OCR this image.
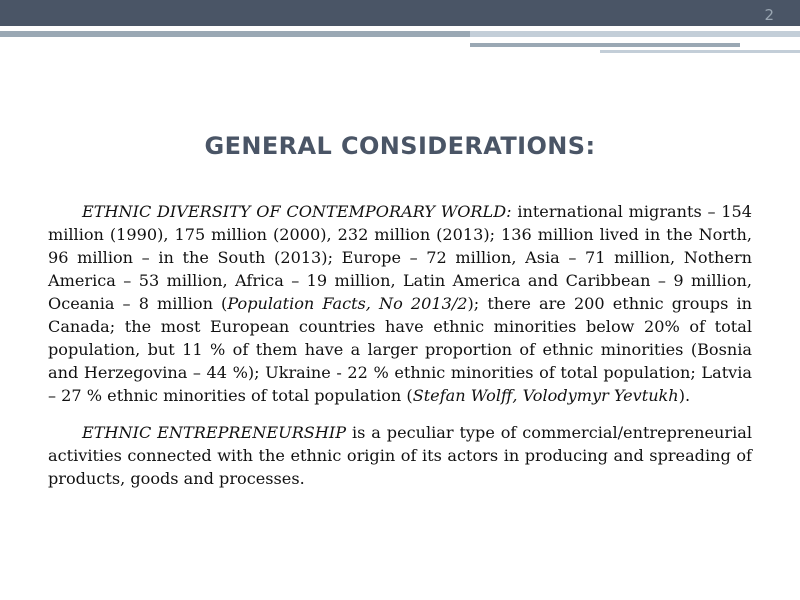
2
GENERAL CONSIDERATIONS:

ETHNIC DIVERSITY OF CONTEMPORARY WORLD: international migrants – 154 million (1990), 175 million (2000), 232 million (2013); 136 million lived in the North, 96 million – in the South (2013); Europe – 72 million, Asia – 71 million, Nothern America – 53 million, Africa – 19 million, Latin America and Caribbean – 9 million, Oceania – 8 million (Population Facts, No 2013/2); there are 200 ethnic groups in Canada; the most European countries have ethnic minorities below 20% of total population, but 11 % of them have a larger proportion of ethnic minorities (Bosnia and Herzegovina – 44 %); Ukraine - 22 % ethnic minorities of total population; Latvia – 27 % ethnic minorities of total population (Stefan Wolff, Volodymyr Yevtukh).

ETHNIC ENTREPRENEURSHIP is a peculiar type of commercial/entrepreneurial activities connected with the ethnic origin of its actors in producing and spreading of products, goods and processes.
